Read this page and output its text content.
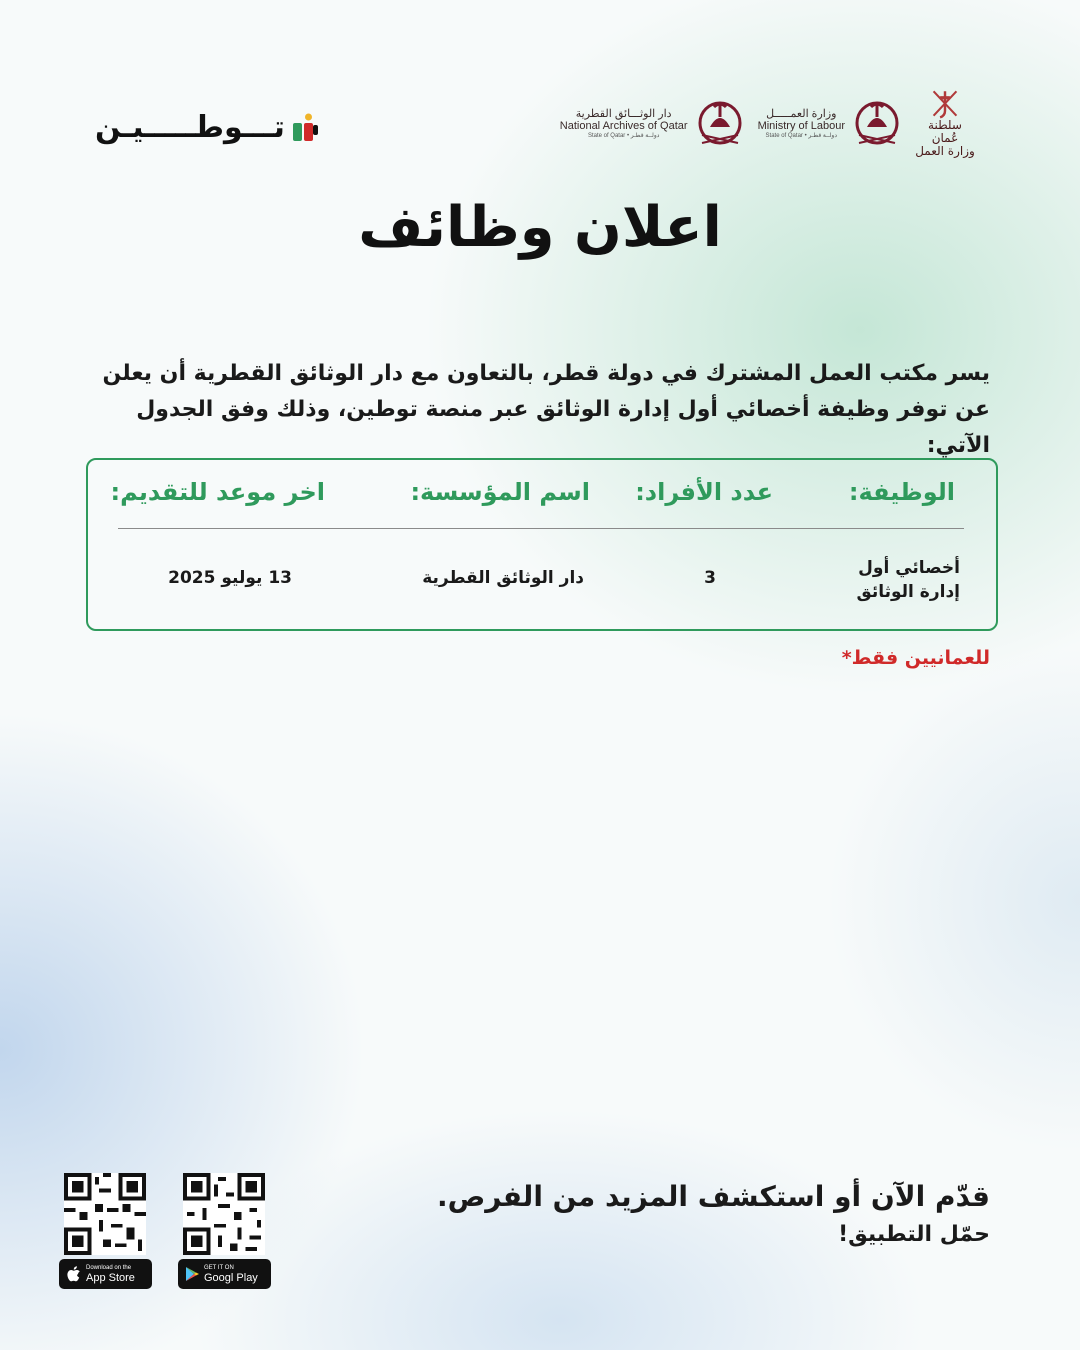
تـــوطـــــيـن	دار الوثـــائق القطرية
National Archives of Qatar
State of Qatar • دولــة قطـر
وزارة العمـــــل
Ministry of Labour
State of Qatar • دولــة قطـر
سلطنة عُمان
وزارة العمل
اعلان وظائف
يسر مكتب العمل المشترك في دولة قطر، بالتعاون مع دار الوثائق القطرية أن يعلن عن توفر وظيفة أخصائي أول إدارة الوثائق عبر منصة توطين، وذلك وفق الجدول الآتي:
الوظيفة:
عدد الأفراد:
اسم المؤسسة:
اخر موعد للتقديم:
أخصائي أول إدارة الوثائق
3
دار الوثائق القطرية
13 يوليو 2025
للعمانيين فقط*
قدّم الآن أو استكشف المزيد من الفرص.
حمّل التطبيق!
Download on the
App Store
GET IT ON
Googl Play
